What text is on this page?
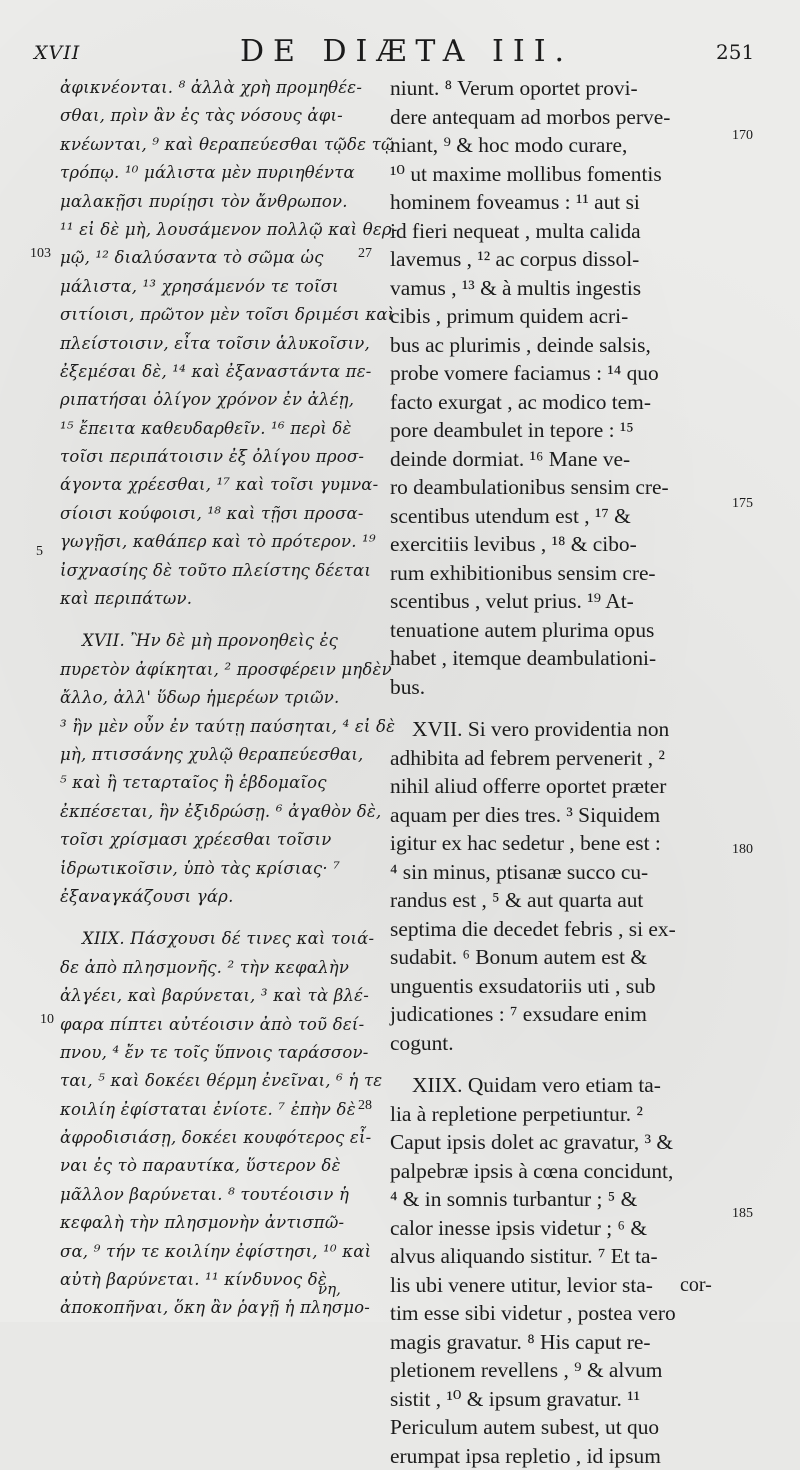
XVII	DE DIÆTA III.	251
ἀφικνέονται. ⁸ ἀλλὰ χρὴ προμηθέε-
σθαι, πρὶν ἂν ἐς τὰς νόσους ἀφι-
κνέωνται, ⁹ καὶ θεραπεύεσθαι τῷδε τῷ
τρόπῳ. ¹⁰ μάλιστα μὲν πυριηθέντα
μαλακῇσι πυρίῃσι τὸν ἄνθρωπον.
¹¹ εἰ δὲ μὴ, λουσάμενον πολλῷ καὶ θερ-
μῷ, ¹² διαλύσαντα τὸ σῶμα ὡς
μάλιστα, ¹³ χρησάμενόν τε τοῖσι
σιτίοισι, πρῶτον μὲν τοῖσι δριμέσι καὶ
πλείστοισιν, εἶτα τοῖσιν ἁλυκοῖσιν,
ἐξεμέσαι δὲ, ¹⁴ καὶ ἐξαναστάντα πε-
ριπατήσαι ὀλίγον χρόνον ἐν ἀλέῃ,
¹⁵ ἔπειτα καθευδαρθεῖν. ¹⁶ περὶ δὲ
τοῖσι περιπάτοισιν ἐξ ὀλίγου προσ-
άγοντα χρέεσθαι, ¹⁷ καὶ τοῖσι γυμνα-
σίοισι κούφοισι, ¹⁸ καὶ τῇσι προσα-
γωγῇσι, καθάπερ καὶ τὸ πρότερον. ¹⁹
ἰσχνασίης δὲ τοῦτο πλείστης δέεται
καὶ περιπάτων.
XVII. Ἢν δὲ μὴ προνοηθεὶς ἐς
πυρετὸν ἀφίκηται, ² προσφέρειν μηδὲν
ἄλλο, ἀλλ' ὕδωρ ἡμερέων τριῶν.
³ ἢν μὲν οὖν ἐν ταύτῃ παύσηται, ⁴ εἰ δὲ
μὴ, πτισσάνης χυλῷ θεραπεύεσθαι,
⁵ καὶ ἢ τεταρταῖος ἢ ἑβδομαῖος
ἐκπέσεται, ἢν ἐξιδρώσῃ. ⁶ ἀγαθὸν δὲ,
τοῖσι χρίσμασι χρέεσθαι τοῖσιν
ἱδρωτικοῖσιν, ὑπὸ τὰς κρίσιας· ⁷
ἐξαναγκάζουσι γάρ.
XIIX. Πάσχουσι δέ τινες καὶ τοιά-
δε ἀπὸ πλησμονῆς. ² τὴν κεφαλὴν
ἀλγέει, καὶ βαρύνεται, ³ καὶ τὰ βλέ-
φαρα πίπτει αὐτέοισιν ἀπὸ τοῦ δεί-
πνου, ⁴ ἔν τε τοῖς ὕπνοις ταράσσον-
ται, ⁵ καὶ δοκέει θέρμη ἐνεῖναι, ⁶ ἡ τε
κοιλίη ἐφίσταται ἐνίοτε. ⁷ ἐπὴν δὲ
ἀφροδισιάσῃ, δοκέει κουφότερος εἶ-
ναι ἐς τὸ παραυτίκα, ὕστερον δὲ
μᾶλλον βαρύνεται. ⁸ τουτέοισιν ἡ
κεφαλὴ τὴν πλησμονὴν ἀντισπῶ-
σα, ⁹ τήν τε κοιλίην ἐφίστησι, ¹⁰ καὶ
αὐτὴ βαρύνεται. ¹¹ κίνδυνος δὲ
ἀποκοπῆναι, ὅκη ἂν ῥαγῇ ἡ πλησμο-
niunt. ⁸ Verum oportet provi-
dere antequam ad morbos perve-
niant, ⁹ & hoc modo curare,
¹⁰ ut maxime mollibus fomentis
hominem foveamus : ¹¹ aut si
id fieri nequeat , multa calida
lavemus , ¹² ac corpus dissol-
vamus , ¹³ & à multis ingestis
cibis , primum quidem acri-
bus ac plurimis , deinde salsis,
probe vomere faciamus : ¹⁴ quo
facto exurgat , ac modico tem-
pore deambulet in tepore : ¹⁵
deinde dormiat. ¹⁶ Mane ve-
ro deambulationibus sensim cre-
scentibus utendum est , ¹⁷ &
exercitiis levibus , ¹⁸ & cibo-
rum exhibitionibus sensim cre-
scentibus , velut prius. ¹⁹ At-
tenuatione autem plurima opus
habet , itemque deambulationi-
bus.
XVII. Si vero providentia non
adhibita ad febrem pervenerit , ²
nihil aliud offerre oportet præter
aquam per dies tres. ³ Siquidem
igitur ex hac sedetur , bene est :
⁴ sin minus, ptisanæ succo cu-
randus est , ⁵ & aut quarta aut
septima die decedet febris , si ex-
sudabit. ⁶ Bonum autem est &
unguentis exsudatoriis uti , sub
judicationes : ⁷ exsudare enim
cogunt.
XIIX. Quidam vero etiam ta-
lia à repletione perpetiuntur. ²
Caput ipsis dolet ac gravatur, ³ &
palpebræ ipsis à cœna concidunt,
⁴ & in somnis turbantur ; ⁵ &
calor inesse ipsis videtur ; ⁶ &
alvus aliquando sistitur. ⁷ Et ta-
lis ubi venere utitur, levior sta-
tim esse sibi videtur , postea vero
magis gravatur. ⁸ His caput re-
pletionem revellens , ⁹ & alvum
sistit , ¹⁰ & ipsum gravatur. ¹¹
Periculum autem subest, ut quo
erumpat ipsa repletio , id ipsum
103	27
5
10
28
170
175
180
185
νη,	cor-
